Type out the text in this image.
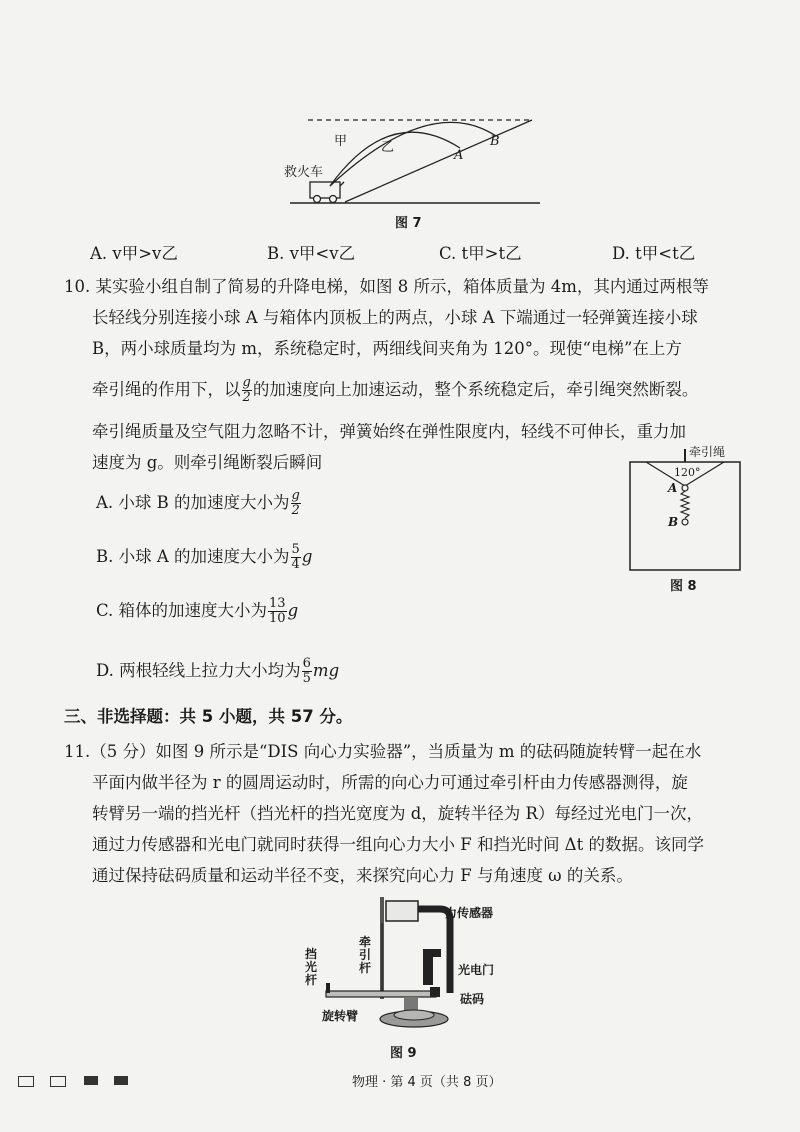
甲	乙
A
B
救火车
图 7
A. v甲>v乙	B. v甲<v乙	C. t甲>t乙	D. t甲<t乙
10. 某实验小组自制了简易的升降电梯，如图 8 所示，箱体质量为 4m，其内通过两根等
长轻线分别连接小球 A 与箱体内顶板上的两点，小球 A 下端通过一轻弹簧连接小球
B，两小球质量均为 m，系统稳定时，两细线间夹角为 120°。现使“电梯”在上方
牵引绳的作用下，以 $\frac{g}{2}$ 的加速度向上加速运动，整个系统稳定后，牵引绳突然断裂。
牵引绳质量及空气阻力忽略不计，弹簧始终在弹性限度内，轻线不可伸长，重力加
速度为 g。则牵引绳断裂后瞬间
A. 小球 B 的加速度大小为 $\frac{g}{2}$
B. 小球 A 的加速度大小为 $\frac{5}{4}$ g
C. 箱体的加速度大小为 $\frac{13}{10}$ g
D. 两根轻线上拉力大小均为 $\frac{6}{5}$ mg
牵引绳
120°
A
B
图 8
三、非选择题：共 5 小题，共 57 分。
11.（5 分）如图 9 所示是“DIS 向心力实验器”，当质量为 m 的砝码随旋转臂一起在水
平面内做半径为 r 的圆周运动时，所需的向心力可通过牵引杆由力传感器测得，旋
转臂另一端的挡光杆（挡光杆的挡光宽度为 d，旋转半径为 R）每经过光电门一次，
通过力传感器和光电门就同时获得一组向心力大小 F 和挡光时间 Δt 的数据。该同学
通过保持砝码质量和运动半径不变，来探究向心力 F 与角速度 ω 的关系。
力传感器
牵引杆
挡光杆
光电门
砝码
旋转臂
图 9
物理 · 第 4 页（共 8 页）
